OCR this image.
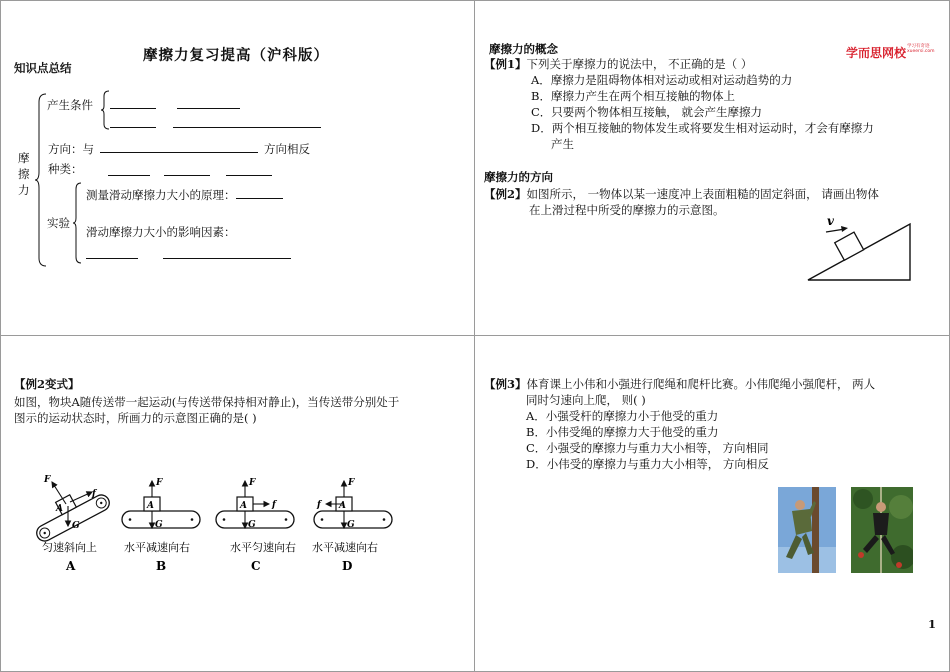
摩擦力复习提高（沪科版）
知识点总结
摩
擦
力
产生条件
方向：与	方向相反
种类：
实验
测量滑动摩擦力大小的原理：
滑动摩擦力大小的影响因素：
学而思网校 学习有奇迹
xueersi.com
摩擦力的概念
【例1】下列关于摩擦力的说法中， 不正确的是（ ）
A．摩擦力是阻碍物体相对运动或相对运动趋势的力
B．摩擦力产生在两个相互接触的物体上
C．只要两个物体相互接触， 就会产生摩擦力
D．两个相互接触的物体发生或将要发生相对运动时，才会有摩擦力
产生
摩擦力的方向
【例2】如图所示， 一物体以某一速度冲上表面粗糙的固定斜面， 请画出物体
在上滑过程中所受的摩擦力的示意图。
v
【例2变式】
如图，物块A随传送带一起运动(与传送带保持相对静止)，当传送带分别处于
图示的运动状态时，所画力的示意图正确的是( )
F
A
f
G
匀速斜向上
A
F
A
G
水平减速向右
B
F
A	f
G
水平匀速向右
C
F
f A
G
水平减速向右
D
【例3】体育课上小伟和小强进行爬绳和爬杆比赛。小伟爬绳小强爬杆， 两人
同时匀速向上爬， 则( )
A．小强受杆的摩擦力小于他受的重力
B．小伟受绳的摩擦力大于他受的重力
C．小强受的摩擦力与重力大小相等， 方向相同
D．小伟受的摩擦力与重力大小相等， 方向相反
1
